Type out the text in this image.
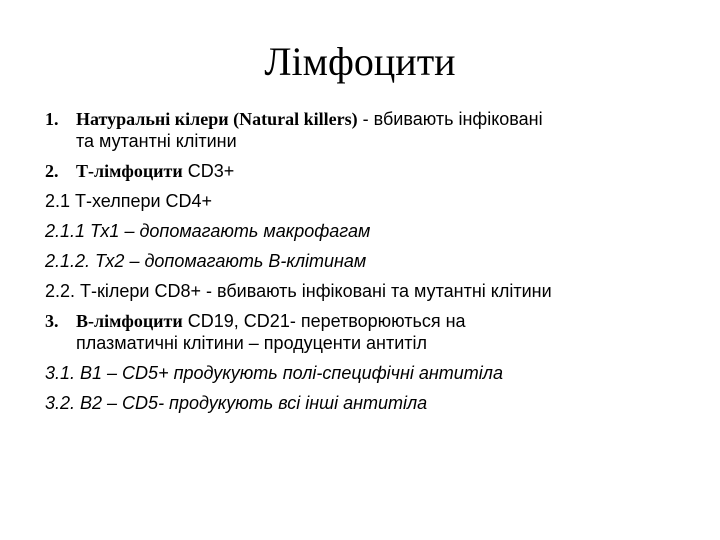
Лімфоцити
1. Натуральні кілери (Natural killers) - вбивають інфіковані
та мутантні клітини
2. Т-лімфоцити CD3+
2.1 Т-хелпери CD4+
2.1.1 Тх1 – допомагають макрофагам
2.1.2. Тх2 – допомагають В-клітинам
2.2. Т-кілери CD8+ - вбивають інфіковані та мутантні клітини
3. В-лімфоцити CD19, CD21- перетворюються на
плазматичні клітини – продуценти антитіл
3.1. В1 – CD5+ продукують полі-специфічні антитіла
3.2. В2 – CD5- продукують всі інші антитіла
